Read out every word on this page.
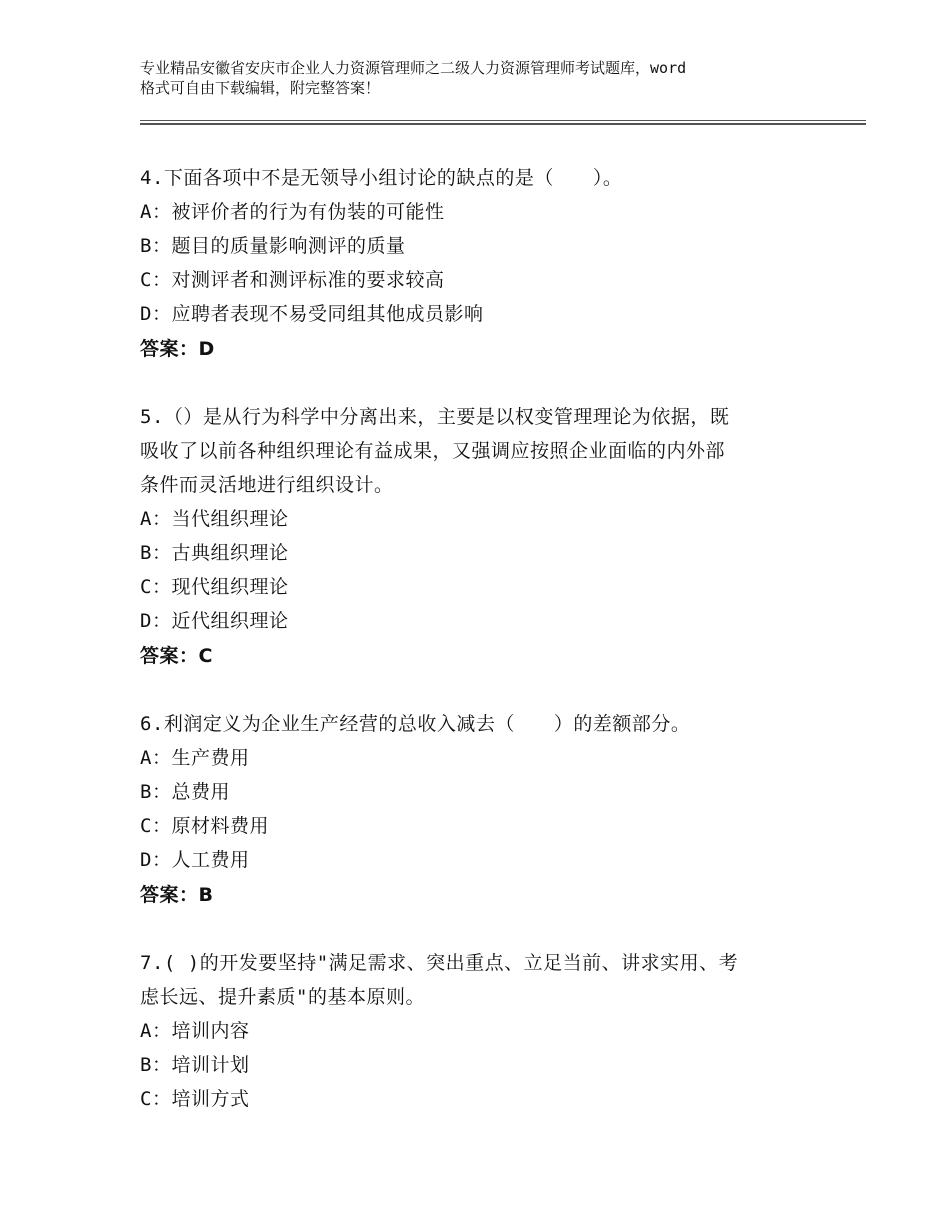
专业精品安徽省安庆市企业人力资源管理师之二级人力资源管理师考试题库，word
格式可自由下载编辑，附完整答案！
4.下面各项中不是无领导小组讨论的缺点的是（　　）。
A：被评价者的行为有伪装的可能性
B：题目的质量影响测评的质量
C：对测评者和测评标准的要求较高
D：应聘者表现不易受同组其他成员影响
答案：D
5.（）是从行为科学中分离出来，主要是以权变管理理论为依据，既
吸收了以前各种组织理论有益成果，又强调应按照企业面临的内外部
条件而灵活地进行组织设计。
A：当代组织理论
B：古典组织理论
C：现代组织理论
D：近代组织理论
答案：C
6.利润定义为企业生产经营的总收入减去（　　）的差额部分。
A：生产费用
B：总费用
C：原材料费用
D：人工费用
答案：B
7.( )的开发要坚持"满足需求、突出重点、立足当前、讲求实用、考
虑长远、提升素质"的基本原则。
A：培训内容
B：培训计划
C：培训方式
